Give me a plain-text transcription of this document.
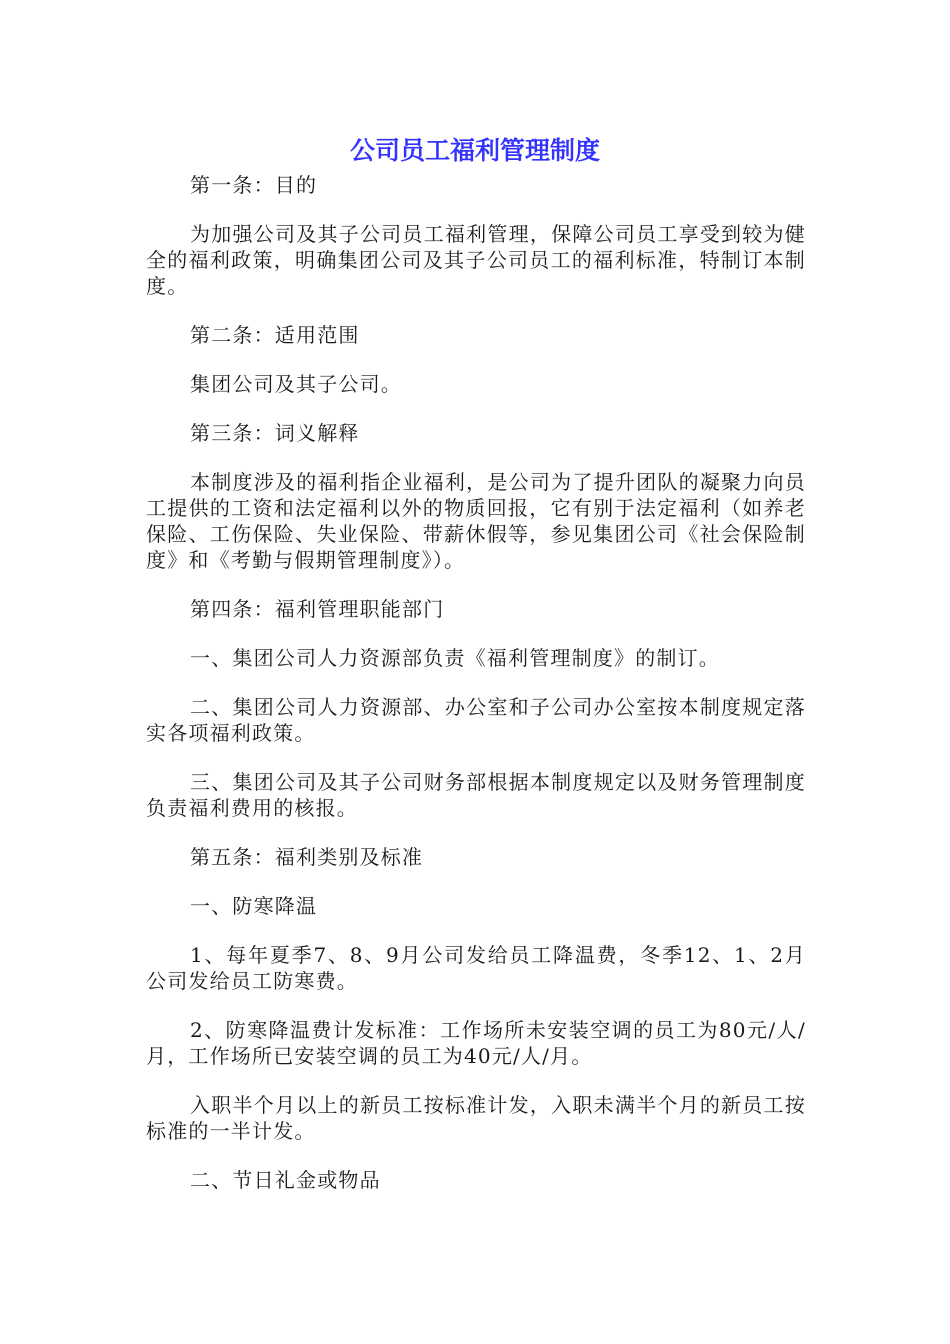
公司员工福利管理制度

第一条：目的

为加强公司及其子公司员工福利管理，保障公司员工享受到较为健全的福利政策，明确集团公司及其子公司员工的福利标准，特制订本制度。

第二条：适用范围

集团公司及其子公司。

第三条：词义解释

本制度涉及的福利指企业福利，是公司为了提升团队的凝聚力向员工提供的工资和法定福利以外的物质回报，它有别于法定福利（如养老保险、工伤保险、失业保险、带薪休假等，参见集团公司《社会保险制度》和《考勤与假期管理制度》）。

第四条：福利管理职能部门

一、集团公司人力资源部负责《福利管理制度》的制订。

二、集团公司人力资源部、办公室和子公司办公室按本制度规定落实各项福利政策。

三、集团公司及其子公司财务部根据本制度规定以及财务管理制度负责福利费用的核报。

第五条：福利类别及标准

一、防寒降温

1、每年夏季7、8、9月公司发给员工降温费，冬季12、1、2月公司发给员工防寒费。

2、防寒降温费计发标准：工作场所未安装空调的员工为80元/人/月，工作场所已安装空调的员工为40元/人/月。

入职半个月以上的新员工按标准计发，入职未满半个月的新员工按标准的一半计发。

二、节日礼金或物品
